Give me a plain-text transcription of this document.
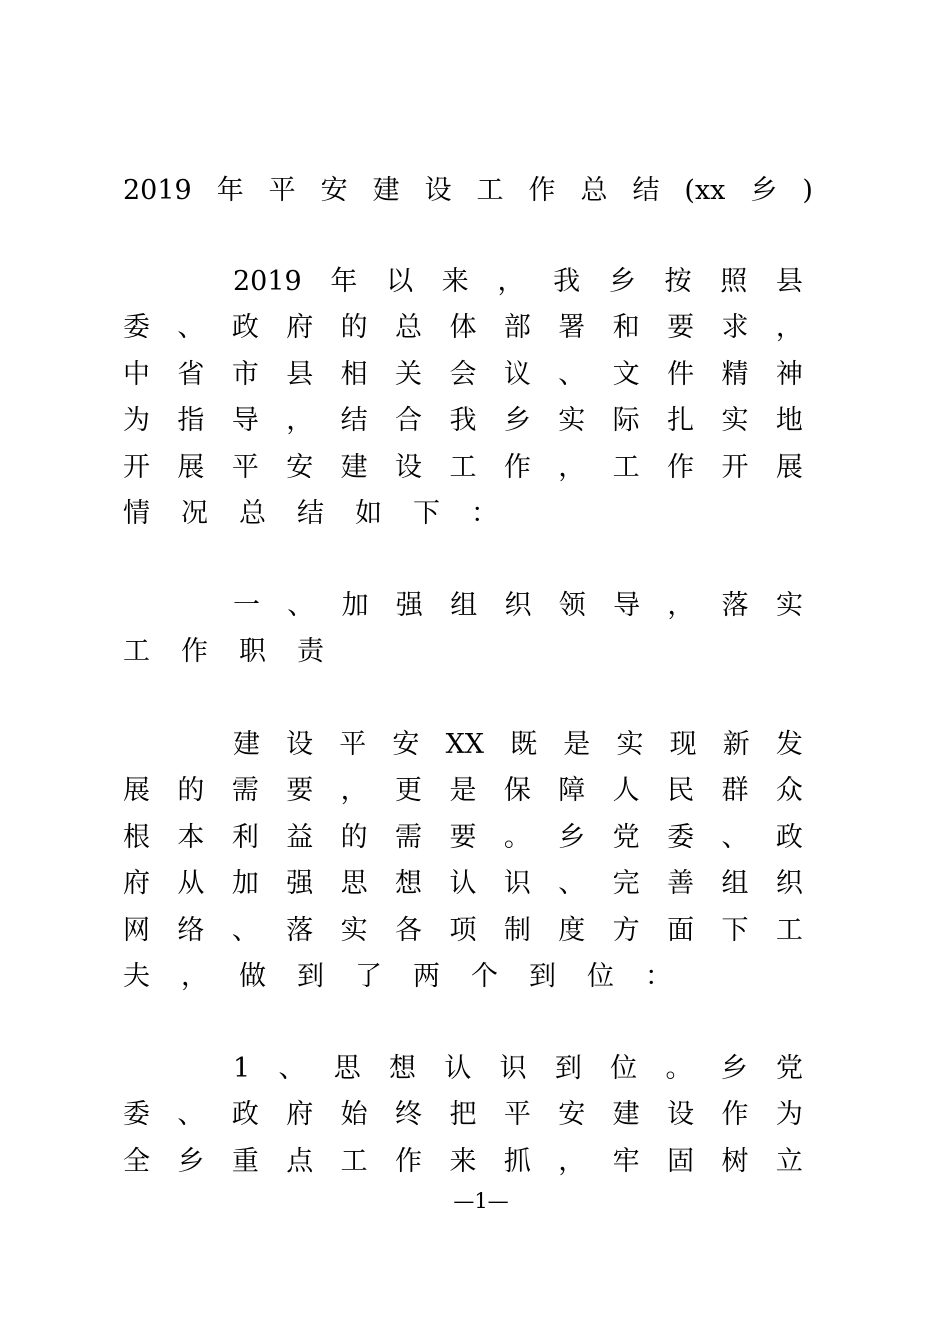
2019 年 平 安 建 设 工 作 总 结 (xx 乡 )
2019 年 以 来 ， 我 乡 按 照 县
委 、 政 府 的 总 体 部 署 和 要 求 ，
中 省 市 县 相 关 会 议 、 文 件 精 神
为 指 导 ， 结 合 我 乡 实 际 扎 实 地
开 展 平 安 建 设 工 作 ， 工 作 开 展
情 况 总 结 如 下 ：
一 、 加 强 组 织 领 导 ， 落 实
工 作 职 责
建 设 平 安 XX 既 是 实 现 新 发
展 的 需 要 ， 更 是 保 障 人 民 群 众
根 本 利 益 的 需 要 。 乡 党 委 、 政
府 从 加 强 思 想 认 识 、 完 善 组 织
网 络 、 落 实 各 项 制 度 方 面 下 工
夫 ， 做 到 了 两 个 到 位 ：
1 、 思 想 认 识 到 位 。 乡 党
委 、 政 府 始 终 把 平 安 建 设 作 为
全 乡 重 点 工 作 来 抓 ， 牢 固 树 立
—1—
